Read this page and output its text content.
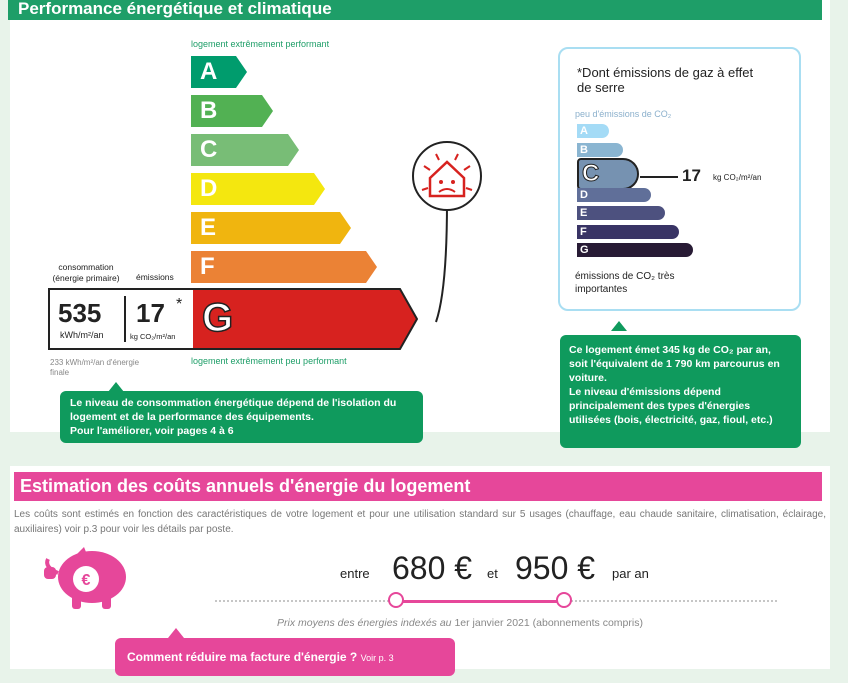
Performance énergétique et climatique
logement extrêmement performant
logement extrêmement peu performant
A
B
C
D
E
F
G
consommation (énergie primaire) émissions
535
kWh/m²/an
17 *
kg CO₂/m²/an
233 kWh/m²/an d'énergie finale
Le niveau de consommation énergétique dépend de l'isolation du logement et de la performance des équipements.
Pour l'améliorer, voir pages 4 à 6
*Dont émissions de gaz à effet de serre
peu d'émissions de CO₂
A
B
C
D
E
F
G
17 kg CO₂/m²/an
émissions de CO₂ très importantes
Ce logement émet 345 kg de CO₂ par an, soit l'équivalent de 1 790 km parcourus en voiture.
Le niveau d'émissions dépend principalement des types d'énergies utilisées (bois, électricité, gaz, fioul, etc.)
Estimation des coûts annuels d'énergie du logement
Les coûts sont estimés en fonction des caractéristiques de votre logement et pour une utilisation standard sur 5 usages (chauffage, eau chaude sanitaire, climatisation, éclairage, auxiliaires) voir p.3 pour voir les détails par poste.
€	entre 680 € et 950 € par an
Prix moyens des énergies indexés au 1er janvier 2021 (abonnements compris)
Comment réduire ma facture d'énergie ? Voir p. 3
